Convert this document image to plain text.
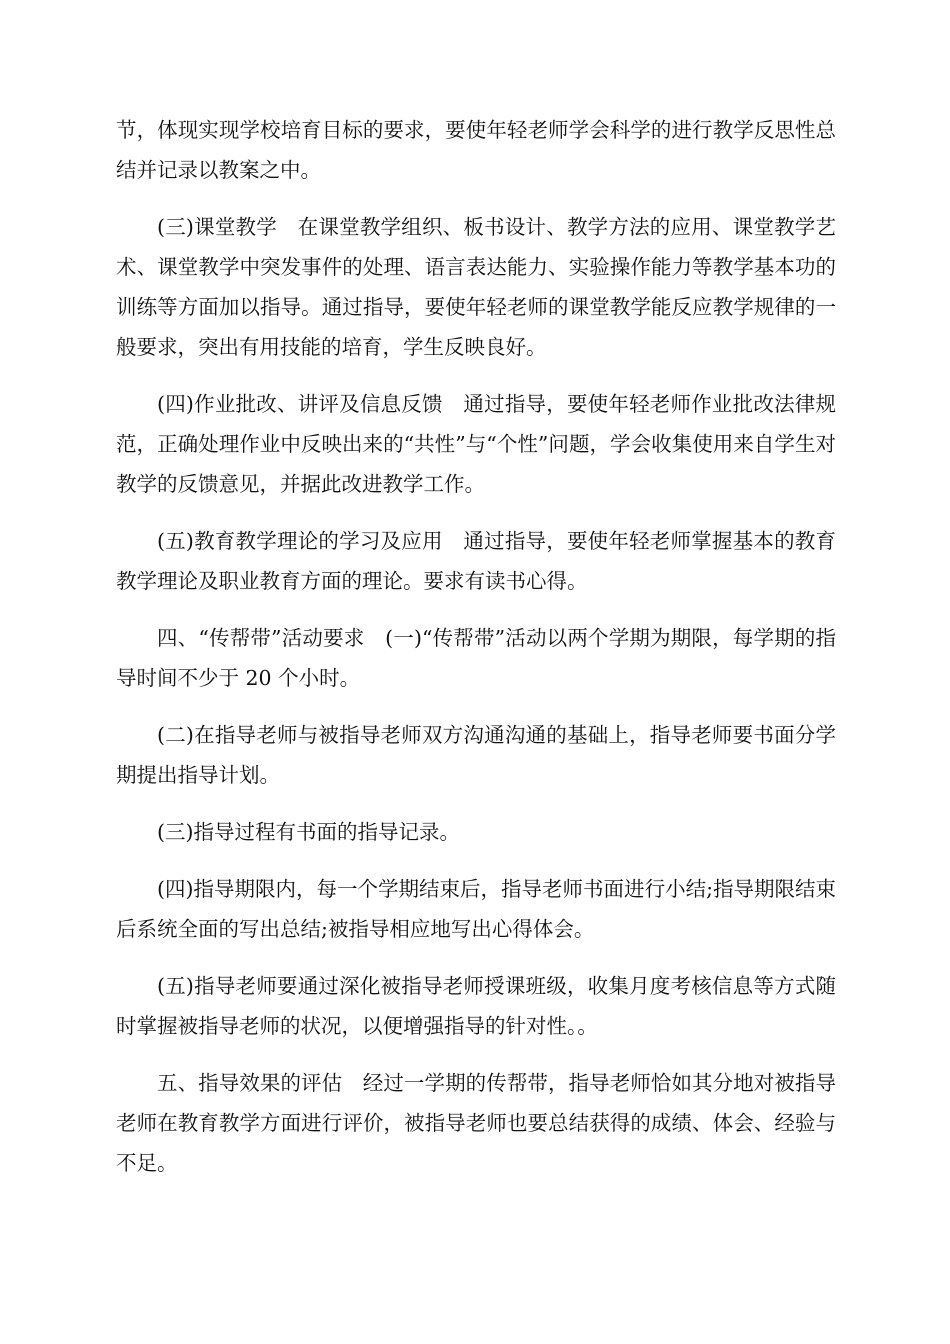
节，体现实现学校培育目标的要求，要使年轻老师学会科学的进行教学反思性总结并记录以教案之中。

(三)课堂教学　在课堂教学组织、板书设计、教学方法的应用、课堂教学艺术、课堂教学中突发事件的处理、语言表达能力、实验操作能力等教学基本功的训练等方面加以指导。通过指导，要使年轻老师的课堂教学能反应教学规律的一般要求，突出有用技能的培育，学生反映良好。

(四)作业批改、讲评及信息反馈　通过指导，要使年轻老师作业批改法律规范，正确处理作业中反映出来的“共性”与“个性”问题，学会收集使用来自学生对教学的反馈意见，并据此改进教学工作。

(五)教育教学理论的学习及应用　通过指导，要使年轻老师掌握基本的教育教学理论及职业教育方面的理论。要求有读书心得。

四、“传帮带”活动要求　(一)“传帮带”活动以两个学期为期限，每学期的指导时间不少于 20 个小时。

(二)在指导老师与被指导老师双方沟通沟通的基础上，指导老师要书面分学期提出指导计划。

(三)指导过程有书面的指导记录。

(四)指导期限内，每一个学期结束后，指导老师书面进行小结;指导期限结束后系统全面的写出总结;被指导相应地写出心得体会。

(五)指导老师要通过深化被指导老师授课班级，收集月度考核信息等方式随时掌握被指导老师的状况，以便增强指导的针对性。。

五、指导效果的评估　经过一学期的传帮带，指导老师恰如其分地对被指导老师在教育教学方面进行评价，被指导老师也要总结获得的成绩、体会、经验与不足。
